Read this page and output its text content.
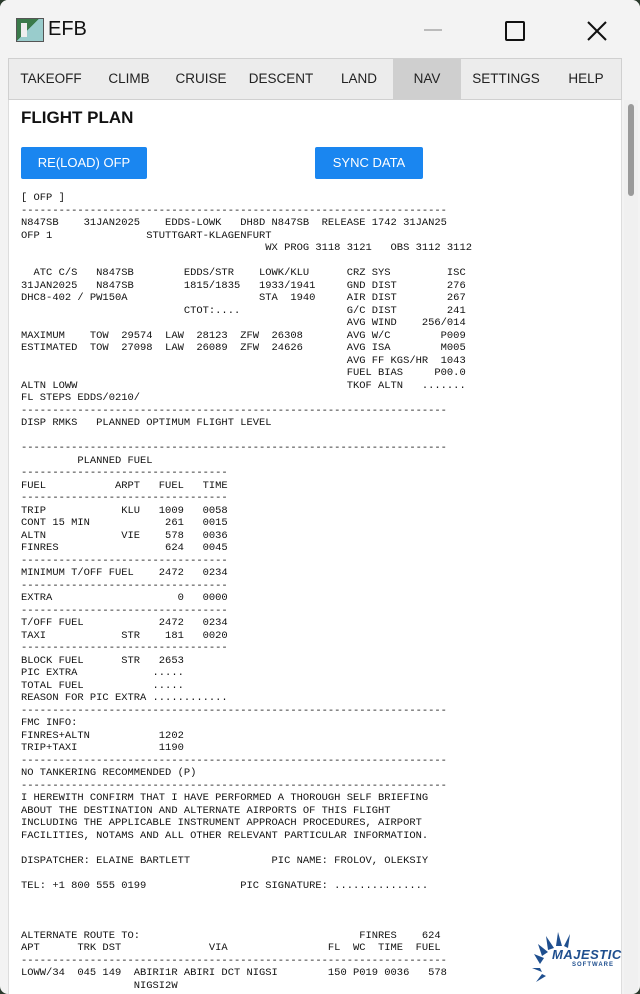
EFB
TAKEOFF	CLIMB	CRUISE	DESCENT	LAND	NAV	SETTINGS	HELP
FLIGHT PLAN
RE(LOAD) OFP	SYNC DATA
[ OFP ]
--------------------------------------------------------------------
N847SB    31JAN2025    EDDS-LOWK   DH8D N847SB  RELEASE 1742 31JAN25
OFP 1               STUTTGART-KLAGENFURT
WX PROG 3118 3121   OBS 3112 3112

ATC C/S   N847SB        EDDS/STR    LOWK/KLU      CRZ SYS         ISC
31JAN2025   N847SB        1815/1835   1933/1941     GND DIST        276
DHC8-402 / PW150A                     STA  1940     AIR DIST        267
CTOT:....                 G/C DIST        241
AVG WIND    256/014
MAXIMUM    TOW  29574  LAW  28123  ZFW  26308       AVG W/C        P009
ESTIMATED  TOW  27098  LAW  26089  ZFW  24626       AVG ISA        M005
AVG FF KGS/HR  1043
FUEL BIAS     P00.0
ALTN LOWW                                           TKOF ALTN   .......
FL STEPS EDDS/0210/
--------------------------------------------------------------------
DISP RMKS   PLANNED OPTIMUM FLIGHT LEVEL

--------------------------------------------------------------------
PLANNED FUEL
---------------------------------
FUEL           ARPT   FUEL   TIME
---------------------------------
TRIP            KLU   1009   0058
CONT 15 MIN            261   0015
ALTN            VIE    578   0036
FINRES                 624   0045
---------------------------------
MINIMUM T/OFF FUEL    2472   0234
---------------------------------
EXTRA                    0   0000
---------------------------------
T/OFF FUEL            2472   0234
TAXI            STR    181   0020
---------------------------------
BLOCK FUEL      STR   2653
PIC EXTRA            .....
TOTAL FUEL           .....
REASON FOR PIC EXTRA ............
--------------------------------------------------------------------
FMC INFO:
FINRES+ALTN           1202
TRIP+TAXI             1190
--------------------------------------------------------------------
NO TANKERING RECOMMENDED (P)
--------------------------------------------------------------------
I HEREWITH CONFIRM THAT I HAVE PERFORMED A THOROUGH SELF BRIEFING
ABOUT THE DESTINATION AND ALTERNATE AIRPORTS OF THIS FLIGHT
INCLUDING THE APPLICABLE INSTRUMENT APPROACH PROCEDURES, AIRPORT
FACILITIES, NOTAMS AND ALL OTHER RELEVANT PARTICULAR INFORMATION.

DISPATCHER: ELAINE BARTLETT             PIC NAME: FROLOV, OLEKSIY

TEL: +1 800 555 0199               PIC SIGNATURE: ...............

ALTERNATE ROUTE TO:                                   FINRES    624
APT      TRK DST              VIA                FL  WC  TIME  FUEL
--------------------------------------------------------------------
LOWW/34  045 149  ABIRI1R ABIRI DCT NIGSI        150 P019 0036   578
NIGSI2W
MAJESTIC
SOFTWARE
